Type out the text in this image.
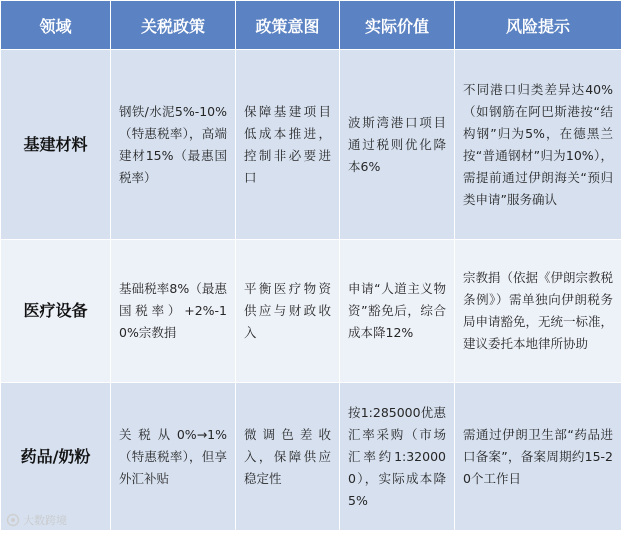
领域	关税政策	政策意图	实际价值	风险提示
基建材料	钢铁/水泥5%-10%（特惠税率），高端建材15%（最惠国税率）	保障基建项目低成本推进，控制非必要进口	波斯湾港口项目通过税则优化降本6%	不同港口归类差异达40%（如钢筋在阿巴斯港按“结构钢”归为5%，在德黑兰按“普通钢材”归为10%），需提前通过伊朗海关“预归类申请”服务确认
医疗设备	基础税率8%（最惠国税率）+2%-10%宗教捐	平衡医疗物资供应与财政收入	申请“人道主义物资”豁免后，综合成本降12%	宗教捐（依据《伊朗宗教税条例》）需单独向伊朗税务局申请豁免，无统一标准，建议委托本地律所协助
药品/奶粉	关税从0%→1%（特惠税率），但享外汇补贴	微调色差收入，保障供应稳定性	按1:285000优惠汇率采购（市场汇率约1:320000），实际成本降5%	需通过伊朗卫生部“药品进口备案”，备案周期约15-20个工作日
大数跨境
